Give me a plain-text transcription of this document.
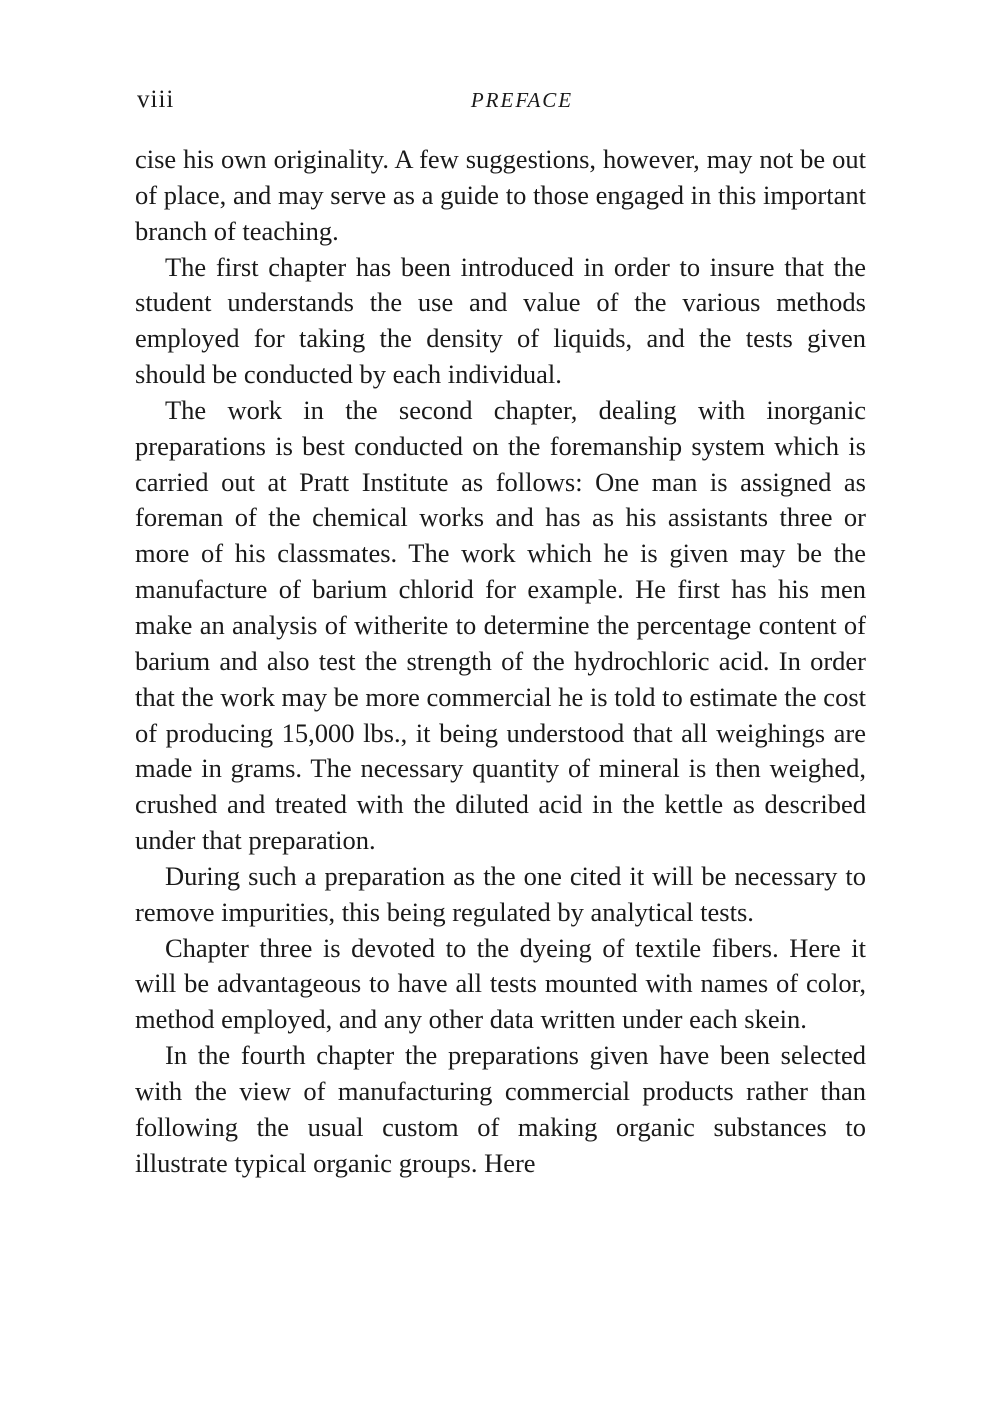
viii	PREFACE

cise his own originality. A few suggestions, however, may not be out of place, and may serve as a guide to those engaged in this important branch of teaching.

The first chapter has been introduced in order to insure that the student understands the use and value of the various methods employed for taking the density of liquids, and the tests given should be conducted by each individual.

The work in the second chapter, dealing with inorganic preparations is best conducted on the foremanship system which is carried out at Pratt Institute as follows: One man is assigned as foreman of the chemical works and has as his assistants three or more of his classmates. The work which he is given may be the manufacture of barium chlorid for example. He first has his men make an analysis of witherite to determine the percentage content of barium and also test the strength of the hydrochloric acid. In order that the work may be more commercial he is told to estimate the cost of producing 15,000 lbs., it being understood that all weighings are made in grams. The necessary quantity of mineral is then weighed, crushed and treated with the diluted acid in the kettle as described under that preparation.

During such a preparation as the one cited it will be necessary to remove impurities, this being regulated by analytical tests.

Chapter three is devoted to the dyeing of textile fibers. Here it will be advantageous to have all tests mounted with names of color, method employed, and any other data written under each skein.

In the fourth chapter the preparations given have been selected with the view of manufacturing commercial products rather than following the usual custom of making organic substances to illustrate typical organic groups. Here
